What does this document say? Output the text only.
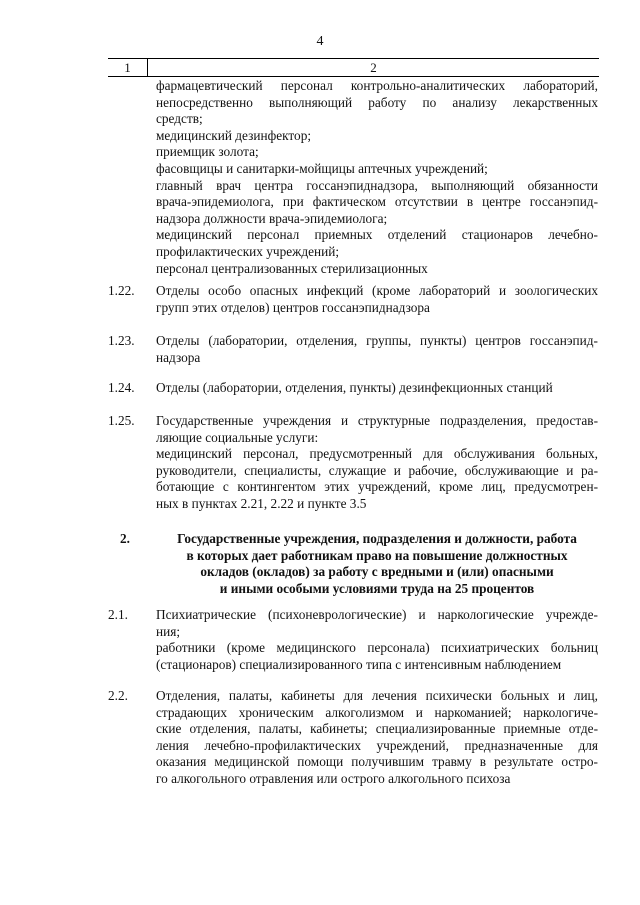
4
1	2
фармацевтический персонал контрольно-аналитических лабораторий,
непосредственно выполняющий работу по анализу лекарственных
средств;
медицинский дезинфектор;
приемщик золота;
фасовщицы и санитарки-мойщицы аптечных учреждений;
главный врач центра госсанэпиднадзора, выполняющий обязанности
врача-эпидемиолога, при фактическом отсутствии в центре госсанэпид-
надзора должности врача-эпидемиолога;
медицинский персонал приемных отделений стационаров лечебно-
профилактических учреждений;
персонал централизованных стерилизационных
1.22.	Отделы особо опасных инфекций (кроме лабораторий и зоологических
групп этих отделов) центров госсанэпиднадзора
1.23.	Отделы (лаборатории, отделения, группы, пункты) центров госсанэпид-
надзора
1.24.	Отделы (лаборатории, отделения, пункты) дезинфекционных станций
1.25.	Государственные учреждения и структурные подразделения, предостав-
ляющие социальные услуги:
медицинский персонал, предусмотренный для обслуживания больных,
руководители, специалисты, служащие и рабочие, обслуживающие и ра-
ботающие с контингентом этих учреждений, кроме лиц, предусмотрен-
ных в пунктах 2.21, 2.22 и пункте 3.5
2.	Государственные учреждения, подразделения и должности, работа
в которых дает работникам право на повышение должностных
окладов (окладов) за работу с вредными и (или) опасными
и иными особыми условиями труда на 25 процентов
2.1.	Психиатрические (психоневрологические) и наркологические учрежде-
ния;
работники (кроме медицинского персонала) психиатрических больниц
(стационаров) специализированного типа с интенсивным наблюдением
2.2.	Отделения, палаты, кабинеты для лечения психически больных и лиц,
страдающих хроническим алкоголизмом и наркоманией; наркологиче-
ские отделения, палаты, кабинеты; специализированные приемные отде-
ления лечебно-профилактических учреждений, предназначенные для
оказания медицинской помощи получившим травму в результате остро-
го алкогольного отравления или острого алкогольного психоза
